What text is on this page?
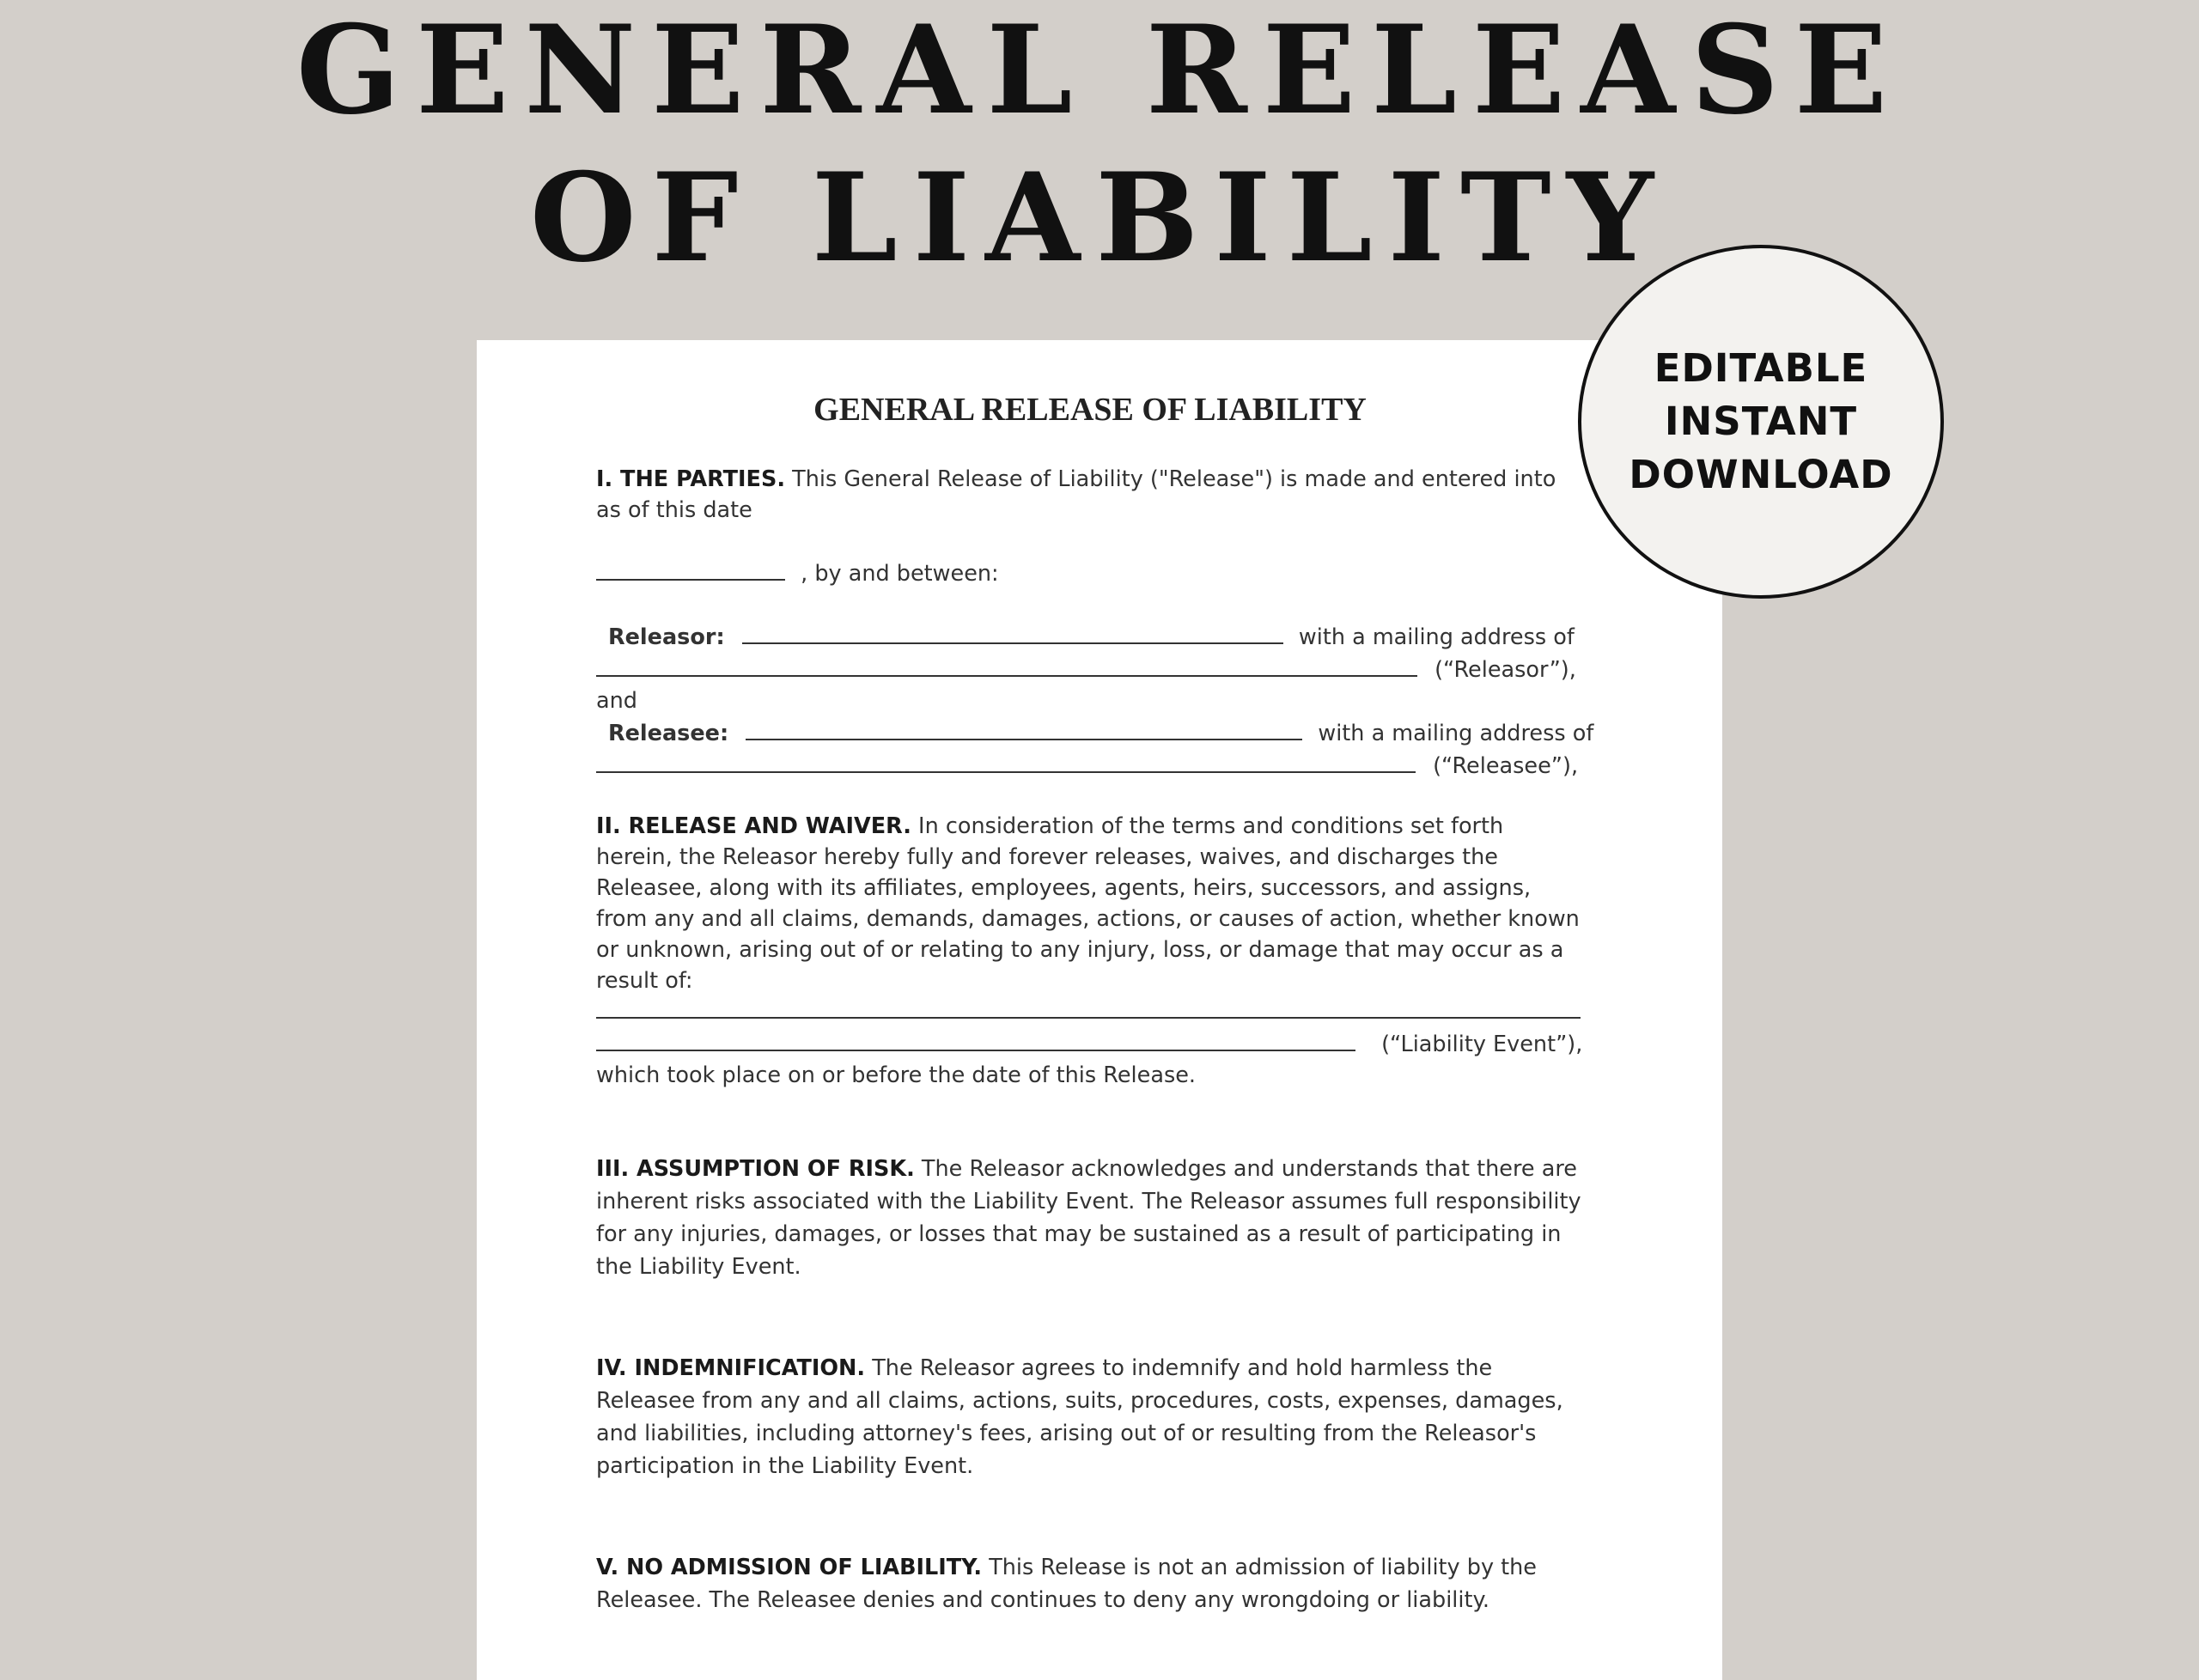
GENERAL RELEASE
OF LIABILITY
GENERAL RELEASE OF LIABILITY

I. THE PARTIES. This General Release of Liability ("Release") is made and entered into as of this date

, by and between:
Releasor:	with a mailing address of
(“Releasor”),
and
Releasee:	with a mailing address of
(“Releasee”),

II. RELEASE AND WAIVER. In consideration of the terms and conditions set forth herein, the Releasor hereby fully and forever releases, waives, and discharges the Releasee, along with its affiliates, employees, agents, heirs, successors, and assigns, from any and all claims, demands, damages, actions, or causes of action, whether known or unknown, arising out of or relating to any injury, loss, or damage that may occur as a result of:

(“Liability Event”),
which took place on or before the date of this Release.

III. ASSUMPTION OF RISK. The Releasor acknowledges and understands that there are inherent risks associated with the Liability Event. The Releasor assumes full responsibility for any injuries, damages, or losses that may be sustained as a result of participating in the Liability Event.

IV. INDEMNIFICATION. The Releasor agrees to indemnify and hold harmless the Releasee from any and all claims, actions, suits, procedures, costs, expenses, damages, and liabilities, including attorney's fees, arising out of or resulting from the Releasor's participation in the Liability Event.

V. NO ADMISSION OF LIABILITY. This Release is not an admission of liability by the Releasee. The Releasee denies and continues to deny any wrongdoing or liability.

EDITABLE
INSTANT
DOWNLOAD
